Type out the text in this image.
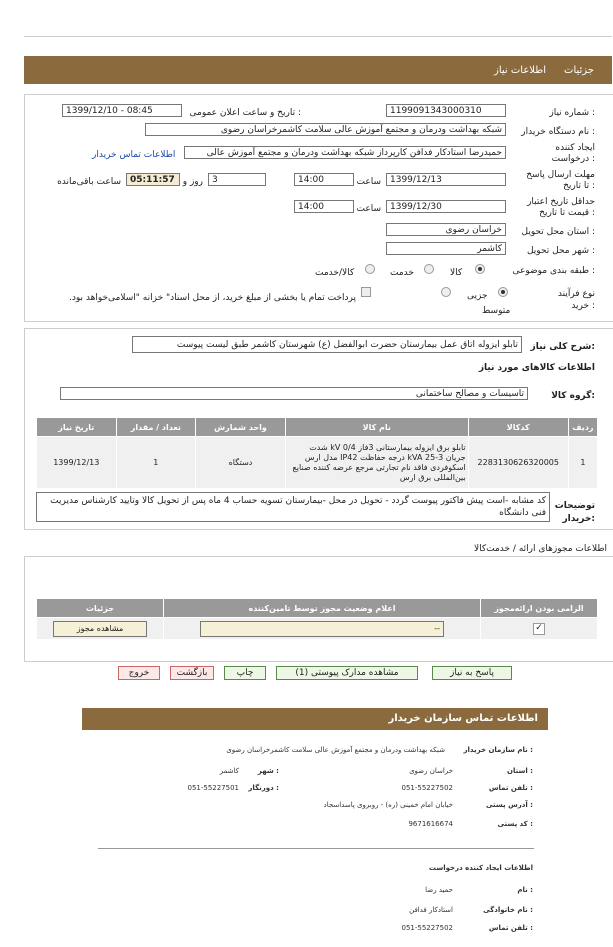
جزئیات
اطلاعات نیاز
شماره نیاز :
1199091343000310
تاریخ و ساعت اعلان عمومی :
1399/12/10 - 08:45
نام دستگاه خریدار :
شبکه بهداشت ودرمان و مجتمع آموزش عالی سلامت کاشمرخراسان رضوی
ایجاد کننده درخواست :
حمیدرضا استادکار فدافن کارپرداز شبکه بهداشت ودرمان و مجتمع آموزش عالی
اطلاعات تماس خریدار
مهلت ارسال پاسخ تا تاریخ :
1399/12/13
ساعت
14:00
3
روز و
05:11:57
ساعت باقی‌مانده
حداقل تاریخ اعتبار قیمت تا تاریخ :
1399/12/30
ساعت
14:00
استان محل تحویل :
خراسان رضوی
شهر محل تحویل :
کاشمر
طبقه بندی موضوعی :
کالا
خدمت
کالا/خدمت
نوع فرآیند خرید :
جزیی
متوسط
پرداخت تمام یا بخشی از مبلغ خرید، از محل اسناد" خزانه "اسلامی‌خواهد بود.
شرح کلی نیاز:
تابلو ایزوله اتاق عمل بیمارستان حضرت ابوالفضل (ع) شهرستان کاشمر طبق لیست پیوست
اطلاعات کالاهای مورد نیاز
گروه کالا:
تاسیسات و مصالح ساختمانی
ردیف	کدکالا	نام کالا	واحد شمارش	تعداد / مقدار	تاریخ نیاز
1	2283130626320005	تابلو برق ایزوله بیمارستانی 3فاز 0/4 kV شدت جریان 3-25 kVA درجه حفاظت IP42 مدل ارس اسکوفردی فاقد نام تجارتی مرجع عرضه کننده صنایع بین‌المللی برق ارس	دستگاه	1	1399/12/13
توضیحات خریدار:
کد مشابه -است پیش فاکتور پیوست گردد - تحویل در محل -بیمارستان تسویه حساب 4 ماه پس از تحویل کالا وتایید کارشناس مدیریت فنی دانشگاه
اطلاعات مجوزهای ارائه / خدمت‌کالا
الزامی بودن ارائه‌مجوز	اعلام وضعیت مجوز توسط تامین‌کننده	جزئیات
✓	--	مشاهده مجوز
پاسخ به نیاز
مشاهده مدارک پیوستی (1)
چاپ
بازگشت
خروج
اطلاعات تماس سازمان خریدار
نام سازمان خریدار :
شبکه بهداشت ودرمان و مجتمع آموزش عالی سلامت کاشمرخراسان رضوی
استان :
خراسان رضوی
شهر :
کاشمر
تلفن تماس :
051-55227502
دورنگار :
051-55227501
آدرس پستی :
خیابان امام خمینی (ره) - روبروی پاسداسجاد
کد پستی :
9671616674
اطلاعات ایجاد کننده درخواست
نام :
حمید رضا
نام خانوادگی :
استادکار فدافن
تلفن تماس :
051-55227502
